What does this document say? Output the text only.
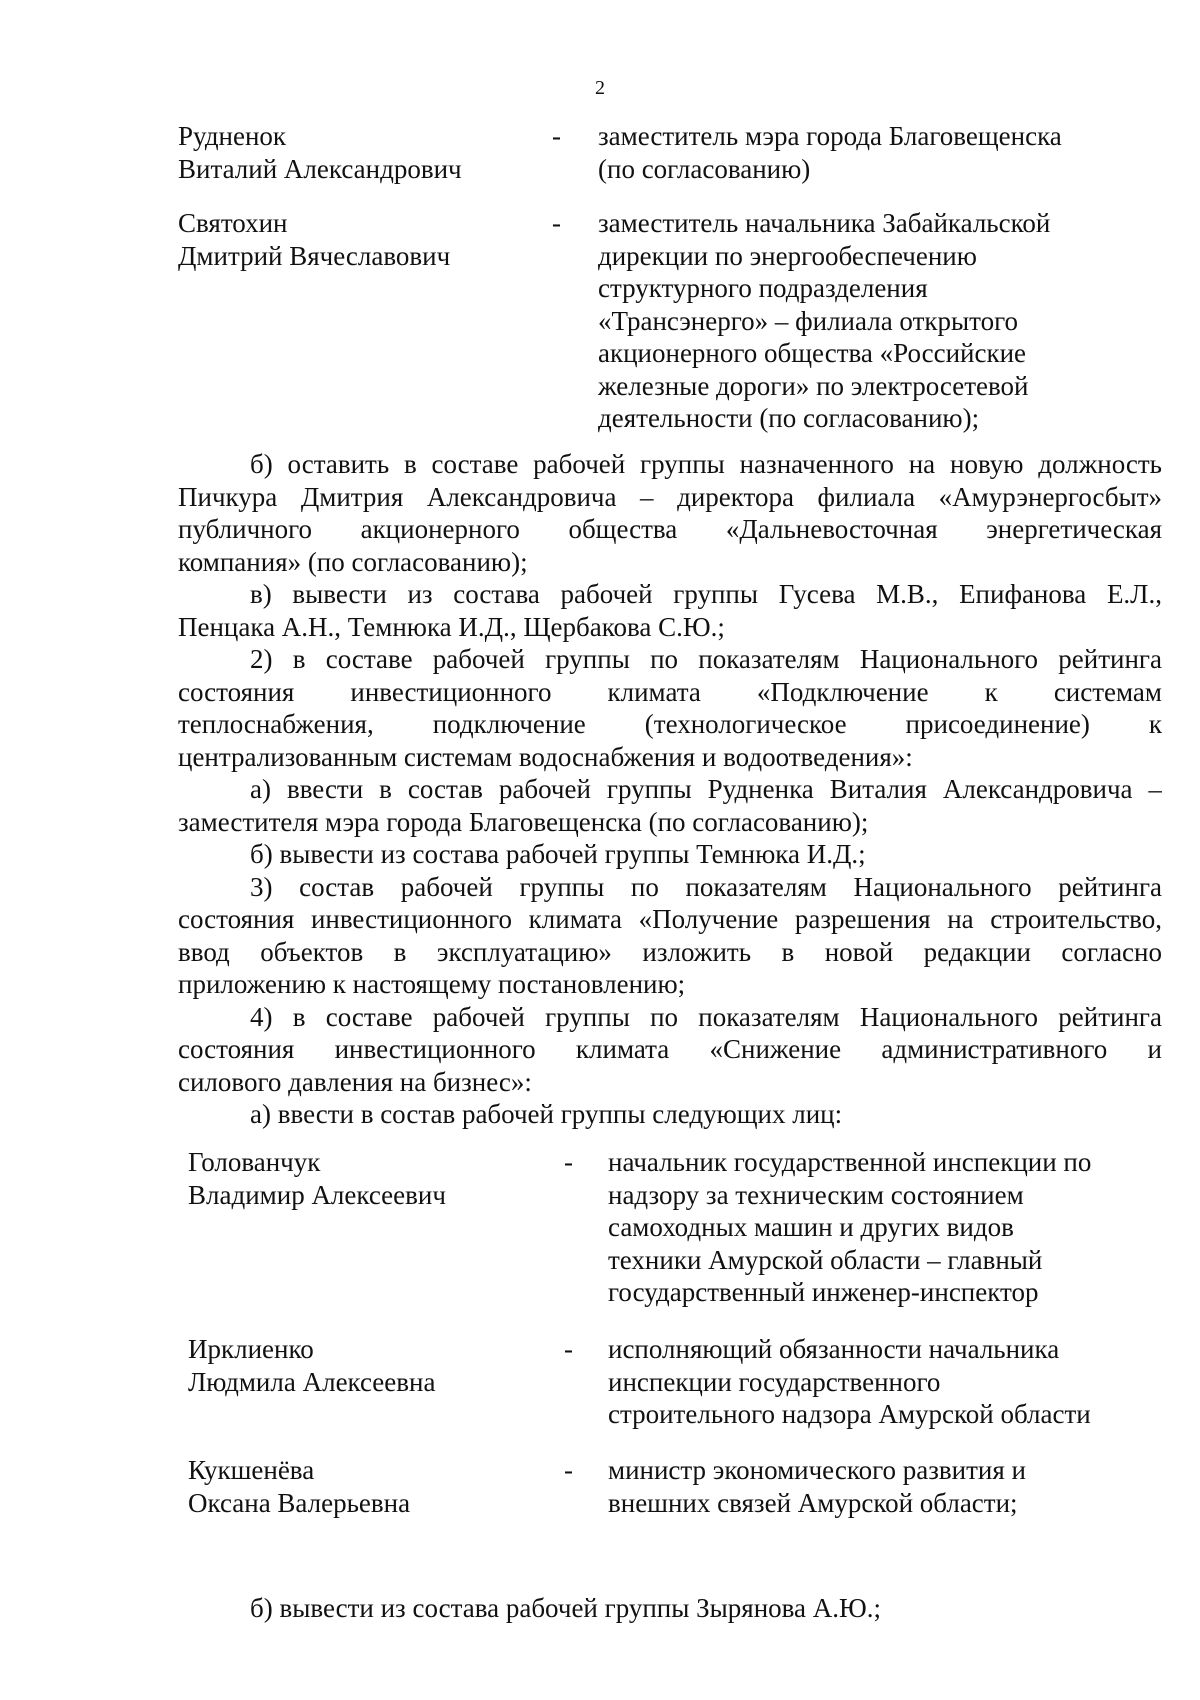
2
Рудненок
Виталий Александрович
- заместитель мэра города Благовещенска
(по согласованию)
Святохин
Дмитрий Вячеславович
- заместитель начальника Забайкальской
дирекции по энергообеспечению
структурного подразделения
«Трансэнерго» – филиала открытого
акционерного общества «Российские
железные дороги» по электросетевой
деятельности (по согласованию);
б) оставить в составе рабочей группы назначенного на новую должность
Пичкура Дмитрия Александровича – директора филиала «Амурэнергосбыт»
публичного акционерного общества «Дальневосточная энергетическая
компания» (по согласованию);
в) вывести из состава рабочей группы Гусева М.В., Епифанова Е.Л.,
Пенцака А.Н., Темнюка И.Д., Щербакова С.Ю.;
2) в составе рабочей группы по показателям Национального рейтинга
состояния инвестиционного климата «Подключение к системам
теплоснабжения, подключение (технологическое присоединение) к
централизованным системам водоснабжения и водоотведения»:
а) ввести в состав рабочей группы Рудненка Виталия Александровича –
заместителя мэра города Благовещенска (по согласованию);
б) вывести из состава рабочей группы Темнюка И.Д.;
3) состав рабочей группы по показателям Национального рейтинга
состояния инвестиционного климата «Получение разрешения на строительство,
ввод объектов в эксплуатацию» изложить в новой редакции согласно
приложению к настоящему постановлению;
4) в составе рабочей группы по показателям Национального рейтинга
состояния инвестиционного климата «Снижение административного и
силового давления на бизнес»:
а) ввести в состав рабочей группы следующих лиц:
Голованчук
Владимир Алексеевич
- начальник государственной инспекции по
надзору за техническим состоянием
самоходных машин и других видов
техники Амурской области – главный
государственный инженер-инспектор
Ирклиенко
Людмила Алексеевна
- исполняющий обязанности начальника
инспекции государственного
строительного надзора Амурской области
Кукшенёва
Оксана Валерьевна
- министр экономического развития и
внешних связей Амурской области;
б) вывести из состава рабочей группы Зырянова А.Ю.;
